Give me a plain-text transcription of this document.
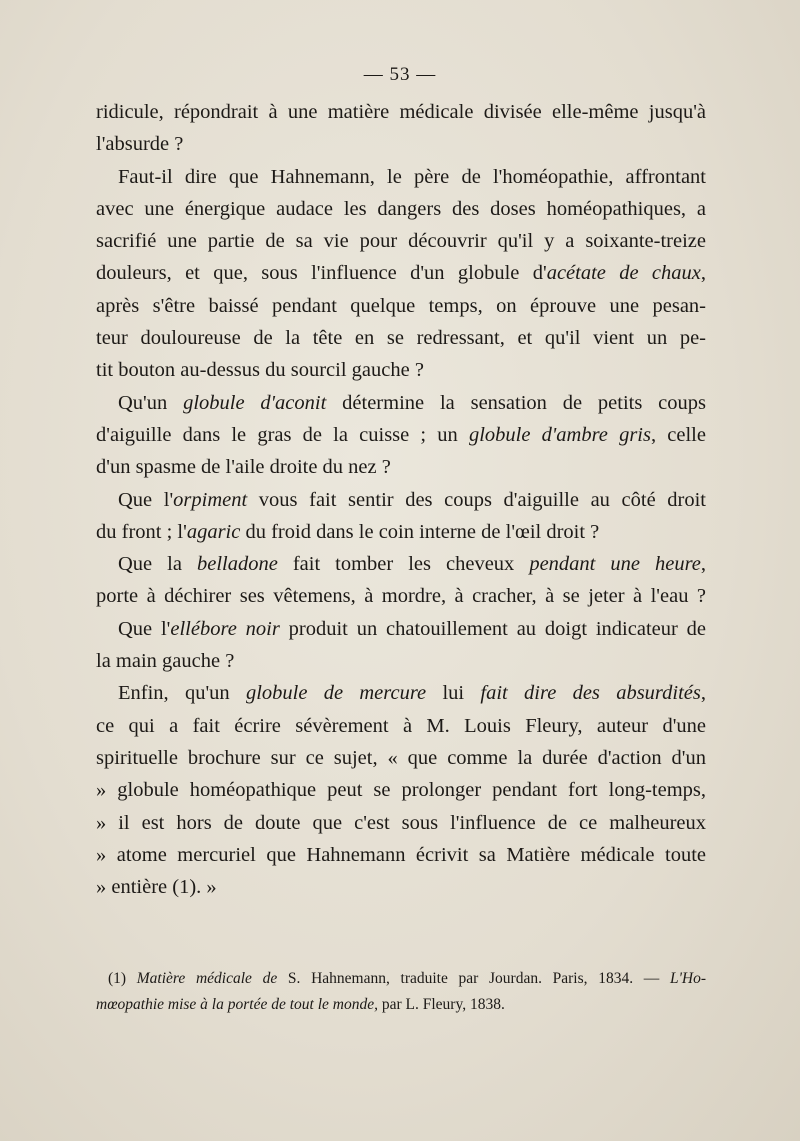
— 53 —
ridicule, répondrait à une matière médicale divisée elle-même jusqu'à
l'absurde ?
Faut-il dire que Hahnemann, le père de l'homéopathie, affrontant
avec une énergique audace les dangers des doses homéopathiques, a
sacrifié une partie de sa vie pour découvrir qu'il y a soixante-treize
douleurs, et que, sous l'influence d'un globule d'acétate de chaux,
après s'être baissé pendant quelque temps, on éprouve une pesan-
teur douloureuse de la tête en se redressant, et qu'il vient un pe-
tit bouton au-dessus du sourcil gauche ?
Qu'un globule d'aconit détermine la sensation de petits coups
d'aiguille dans le gras de la cuisse ; un globule d'ambre gris, celle
d'un spasme de l'aile droite du nez ?
Que l'orpiment vous fait sentir des coups d'aiguille au côté droit
du front ; l'agaric du froid dans le coin interne de l'œil droit ?
Que la belladone fait tomber les cheveux pendant une heure,
porte à déchirer ses vêtemens, à mordre, à cracher, à se jeter à l'eau ?
Que l'ellébore noir produit un chatouillement au doigt indicateur de
la main gauche ?
Enfin, qu'un globule de mercure lui fait dire des absurdités,
ce qui a fait écrire sévèrement à M. Louis Fleury, auteur d'une
spirituelle brochure sur ce sujet, « que comme la durée d'action d'un
» globule homéopathique peut se prolonger pendant fort long-temps,
» il est hors de doute que c'est sous l'influence de ce malheureux
» atome mercuriel que Hahnemann écrivit sa Matière médicale toute
» entière (1). »
(1) Matière médicale de S. Hahnemann, traduite par Jourdan. Paris, 1834. — L'Ho-
mœopathie mise à la portée de tout le monde, par L. Fleury, 1838.
